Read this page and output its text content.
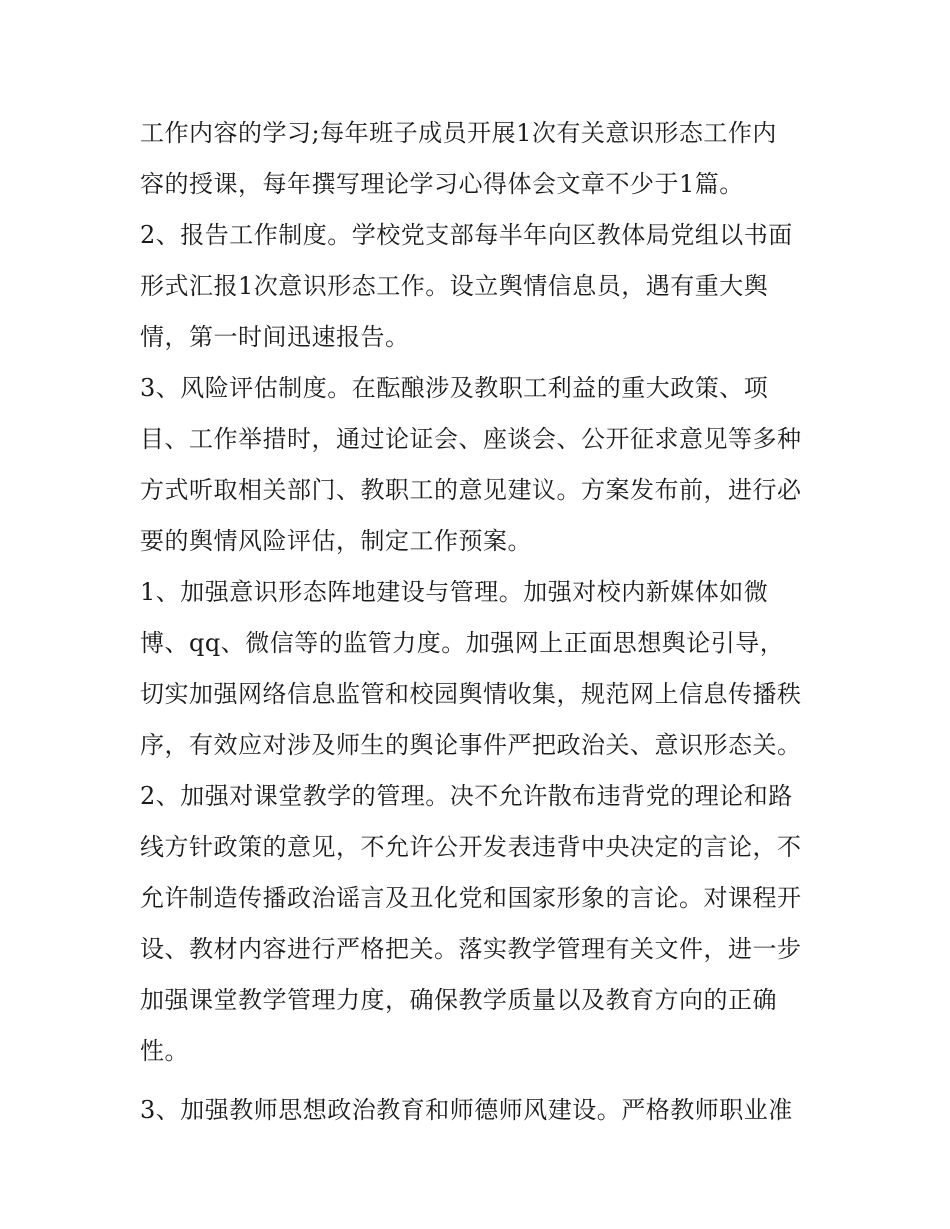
工作内容的学习;每年班子成员开展1次有关意识形态工作内
容的授课，每年撰写理论学习心得体会文章不少于1篇。
2、报告工作制度。学校党支部每半年向区教体局党组以书面
形式汇报1次意识形态工作。设立舆情信息员，遇有重大舆
情，第一时间迅速报告。
3、风险评估制度。在酝酿涉及教职工利益的重大政策、项
目、工作举措时，通过论证会、座谈会、公开征求意见等多种
方式听取相关部门、教职工的意见建议。方案发布前，进行必
要的舆情风险评估，制定工作预案。
1、加强意识形态阵地建设与管理。加强对校内新媒体如微
博、qq、微信等的监管力度。加强网上正面思想舆论引导，
切实加强网络信息监管和校园舆情收集，规范网上信息传播秩
序，有效应对涉及师生的舆论事件严把政治关、意识形态关。
2、加强对课堂教学的管理。决不允许散布违背党的理论和路
线方针政策的意见，不允许公开发表违背中央决定的言论，不
允许制造传播政治谣言及丑化党和国家形象的言论。对课程开
设、教材内容进行严格把关。落实教学管理有关文件，进一步
加强课堂教学管理力度，确保教学质量以及教育方向的正确
性。
3、加强教师思想政治教育和师德师风建设。严格教师职业准
